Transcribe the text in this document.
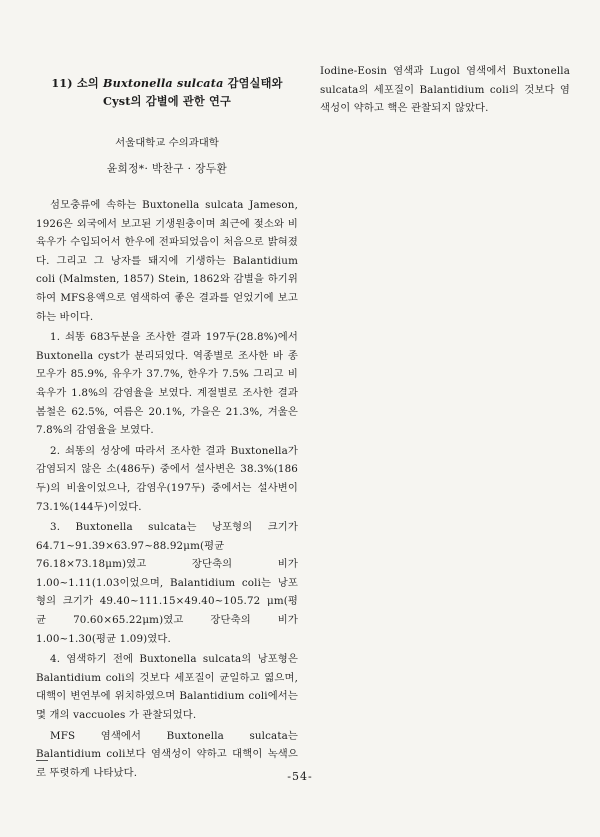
11) 소의 Buxtonella sulcata 감염실태와
Cyst의 감별에 관한 연구
서울대학교 수의과대학
윤희정*· 박찬구 · 장두환

섬모충류에 속하는 Buxtonella sulcata Jameson, 1926은 외국에서 보고된 기생원충이며 최근에 젖소와 비육우가 수입되어서 한우에 전파되었음이 처음으로 밝혀졌다. 그리고 그 낭자를 돼지에 기생하는 Balantidium coli (Malmsten, 1857) Stein, 1862와 감별을 하기위하여 MFS용액으로 염색하여 좋은 결과를 얻었기에 보고하는 바이다.

1. 쇠똥 683두분을 조사한 결과 197두(28.8%)에서 Buxtonella cyst가 분리되었다. 역종별로 조사한 바 종모우가 85.9%, 유우가 37.7%, 한우가 7.5% 그리고 비육우가 1.8%의 감염율을 보였다. 계절별로 조사한 결과 봄철은 62.5%, 여름은 20.1%, 가을은 21.3%, 겨울은 7.8%의 감염율을 보였다.

2. 쇠똥의 성상에 따라서 조사한 결과 Buxtonella가 감염되지 않은 소(486두) 중에서 설사변은 38.3%(186두)의 비율이었으나, 감염우(197두) 중에서는 설사변이 73.1%(144두)이었다.

3. Buxtonella sulcata는 낭포형의 크기가 64.71~91.39×63.97~88.92μm(평균 76.18×73.18μm)였고 장단축의 비가 1.00~1.11(1.03이었으며, Balantidium coli는 낭포형의 크기가 49.40~111.15×49.40~105.72 μm(평균 70.60×65.22μm)였고 장단축의 비가 1.00~1.30(평균 1.09)였다.

4. 염색하기 전에 Buxtonella sulcata의 낭포형은 Balantidium coli의 것보다 세포질이 균일하고 엷으며, 대핵이 변연부에 위치하였으며 Balantidium coli에서는 몇 개의 vaccuoles 가 관찰되었다.

MFS 염색에서 Buxtonella sulcata는 Balantidium coli보다 염색성이 약하고 대핵이 녹색으로 뚜렷하게 나타났다.

Iodine-Eosin 염색과 Lugol 염색에서 Buxtonella sulcata의 세포질이 Balantidium coli의 것보다 염색성이 약하고 핵은 관찰되지 않았다.

-54-
